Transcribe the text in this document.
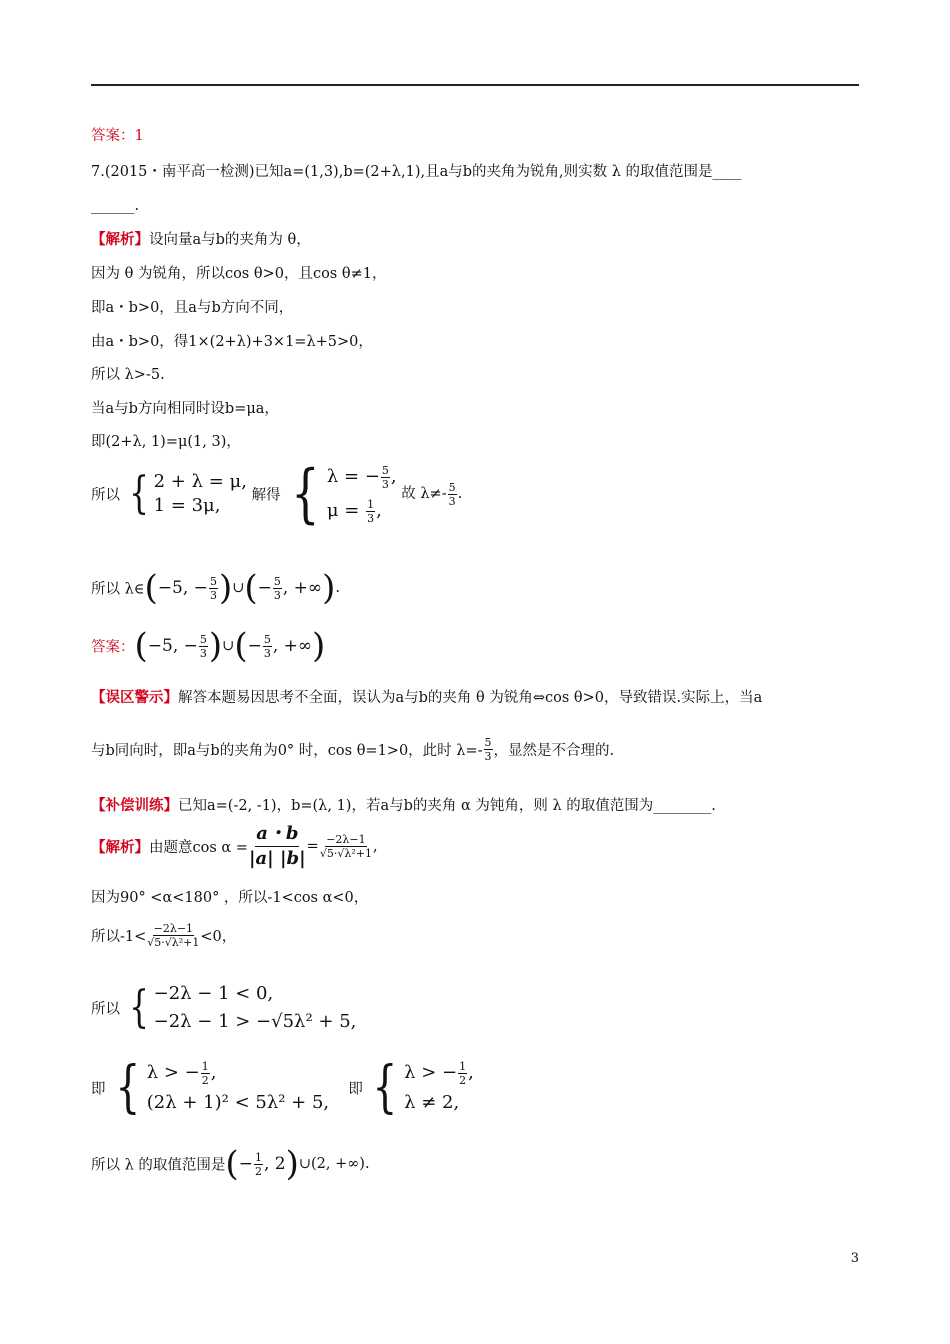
答案：1
7.(2015・南平高一检测)已知a=(1,3),b=(2+λ,1),且a与b的夹角为锐角,则实数 λ 的取值范围是____
______.
【解析】设向量a与b的夹角为 θ，
因为 θ 为锐角，所以cos θ>0，且cos θ≠1，
即a・b>0，且a与b方向不同，
由a・b>0，得1×(2+λ)+3×1=λ+5>0，
所以 λ>-5.
当a与b方向相同时设b=μa，
即(2+λ, 1)=μ(1, 3)，
所以 { 2 + λ = μ,
1 = 3μ,	解得 { λ = − $\frac{5}{3}$ ,
$\mu = \frac{1}{3}$ ,
故 $\lambda\ne- \frac{5}{3}$ .
所以 λ∈(−5, − $\frac{5}{3}$ )∪(− $\frac{5}{3}$ , +∞).
答案：(−5, − $\frac{5}{3}$ )∪(− $\frac{5}{3}$ , +∞)
【误区警示】解答本题易因思考不全面，误认为a与b的夹角 θ 为锐角⇔cos θ>0，导致错误.实际上，当a
与b同向时，即a与b的夹角为0° 时，cos θ=1>0，此时 $\lambda=- \frac{5}{3}$ ，显然是不合理的.
【补偿训练】已知a=(-2, -1)，b=(λ, 1)，若a与b的夹角 α 为钝角，则 λ 的取值范围为________.
【解析】由题意$\cos \alpha = \frac{a・b}{|a| |b|} = \frac{-2\lambda-1}{\text{√5·√λ²+1}}$ ,
因为90° <α<180° ，所以-1<cos α<0，
所以$-1< \frac{-2\lambda-1}{\text{√5·√λ²+1}} <0$，
所以 { −2λ − 1 < 0,
−2λ − 1 > −√5λ² + 5,
即 { λ > − $\frac{1}{2}$ ,
(2λ + 1)² < 5λ² + 5,
即 { λ > − $\frac{1}{2}$ ,
λ ≠ 2,
所以 λ 的取值范围是(− $\frac{1}{2}$ , 2)∪(2, +∞).
3
